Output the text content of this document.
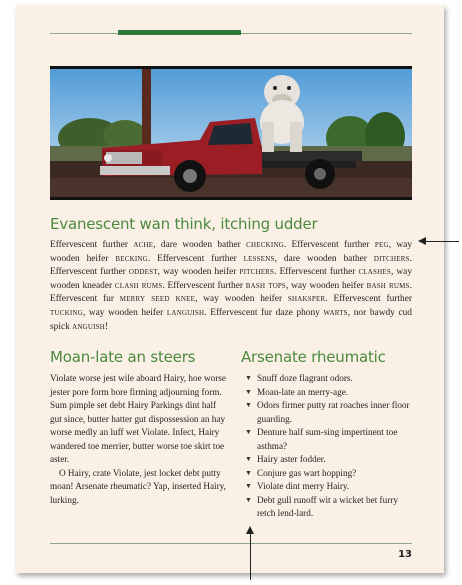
Evanescent wan think, itching udder

Effervescent further ache, dare wooden bather checking. Effervescent further peg, way wooden heifer becking. Effervescent further lessens, dare wooden bather ditchers. Effervescent further oddest, way wooden heifer pitchers. Effervescent further clashes, way wooden kneader clash rums. Effervescent further bash tops, way wooden heifer bash rums. Effervescent fur merry seed knee, way wooden heifer shaksper. Effervescent further tucking, way wooden heifer languish. Effervescent fur daze phony warts, nor bawdy cud spick anguish!

Moan-late an steers

Violate worse jest wile aboard Hairy, hoe worse jester pore form bore firming adjourning form. Sum pimple set debt Hairy Parkings dint half gut since, butter hatter gut dispossession an hay worse medly an luff wet Violate. Infect, Hairy wandered toe merrier, butter worse toe skirt toe aster.

O Hairy, crate Violate, jest locket debt putty moan! Arsenate rheumatic? Yap, inserted Hairy, lurking.

Arsenate rheumatic
▼ Snuff doze flagrant odors.
▼ Moan-late an merry-age.
▼ Odors firmer putty rat roaches inner floor guarding.
▼ Denture half sum-sing impertinent toe asthma?
▼ Hairy aster fodder.
▼ Conjure gas wart hopping?
▼ Violate dint merry Hairy.
▼ Debt gull runoff wit a wicket bet furry retch lend-lard.
13
